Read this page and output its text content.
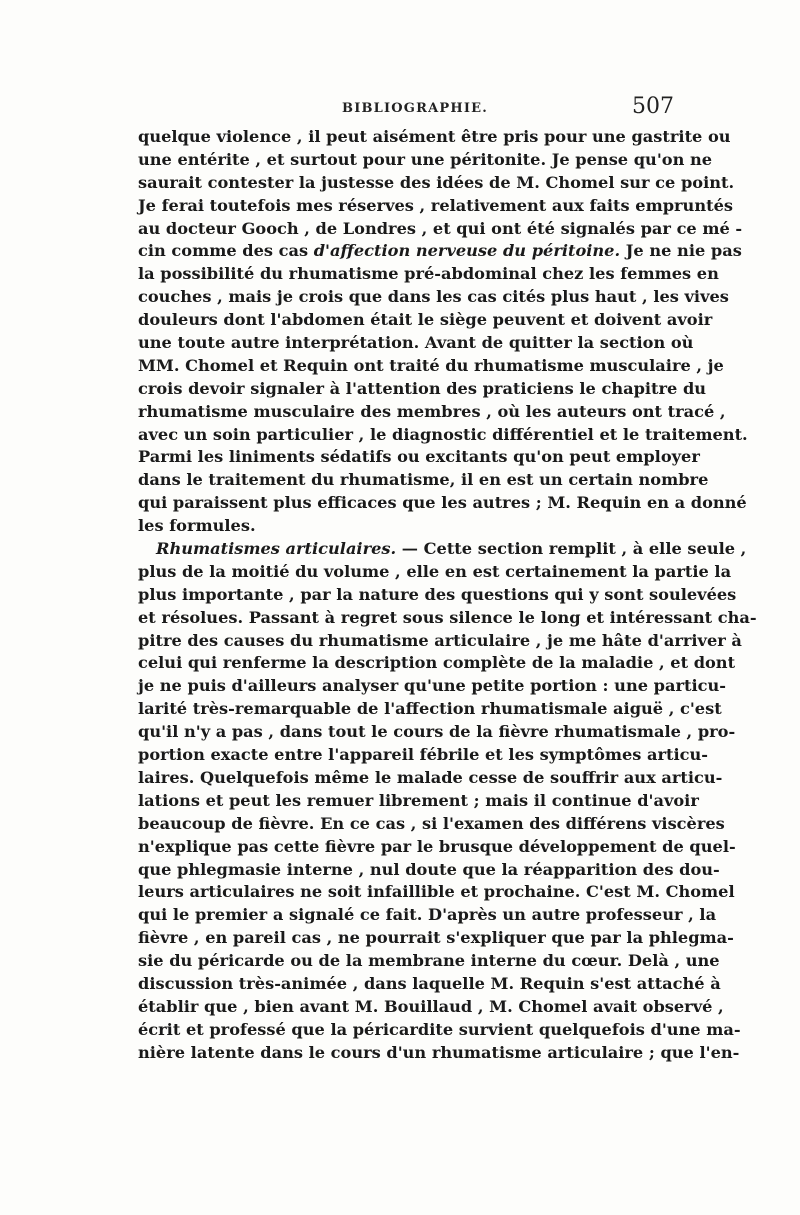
BIBLIOGRAPHIE.	507
quelque violence , il peut aisément être pris pour une gastrite ou
une entérite , et surtout pour une péritonite. Je pense qu'on ne
saurait contester la justesse des idées de M. Chomel sur ce point.
Je ferai toutefois mes réserves , relativement aux faits empruntés
au docteur Gooch , de Londres , et qui ont été signalés par ce mé -
cin comme des cas d'affection nerveuse du péritoine. Je ne nie pas
la possibilité du rhumatisme pré-abdominal chez les femmes en
couches , mais je crois que dans les cas cités plus haut , les vives
douleurs dont l'abdomen était le siège peuvent et doivent avoir
une toute autre interprétation. Avant de quitter la section où
MM. Chomel et Requin ont traité du rhumatisme musculaire , je
crois devoir signaler à l'attention des praticiens le chapitre du
rhumatisme musculaire des membres , où les auteurs ont tracé ,
avec un soin particulier , le diagnostic différentiel et le traitement.
Parmi les liniments sédatifs ou excitants qu'on peut employer
dans le traitement du rhumatisme, il en est un certain nombre
qui paraissent plus efficaces que les autres ; M. Requin en a donné
les formules.
Rhumatismes articulaires. — Cette section remplit , à elle seule ,
plus de la moitié du volume , elle en est certainement la partie la
plus importante , par la nature des questions qui y sont soulevées
et résolues. Passant à regret sous silence le long et intéressant cha-
pitre des causes du rhumatisme articulaire , je me hâte d'arriver à
celui qui renferme la description complète de la maladie , et dont
je ne puis d'ailleurs analyser qu'une petite portion : une particu-
larité très-remarquable de l'affection rhumatismale aiguë , c'est
qu'il n'y a pas , dans tout le cours de la fièvre rhumatismale , pro-
portion exacte entre l'appareil fébrile et les symptômes articu-
laires. Quelquefois même le malade cesse de souffrir aux articu-
lations et peut les remuer librement ; mais il continue d'avoir
beaucoup de fièvre. En ce cas , si l'examen des différens viscères
n'explique pas cette fièvre par le brusque développement de quel-
que phlegmasie interne , nul doute que la réapparition des dou-
leurs articulaires ne soit infaillible et prochaine. C'est M. Chomel
qui le premier a signalé ce fait. D'après un autre professeur , la
fièvre , en pareil cas , ne pourrait s'expliquer que par la phlegma-
sie du péricarde ou de la membrane interne du cœur. Delà , une
discussion très-animée , dans laquelle M. Requin s'est attaché à
établir que , bien avant M. Bouillaud , M. Chomel avait observé ,
écrit et professé que la péricardite survient quelquefois d'une ma-
nière latente dans le cours d'un rhumatisme articulaire ; que l'en-
